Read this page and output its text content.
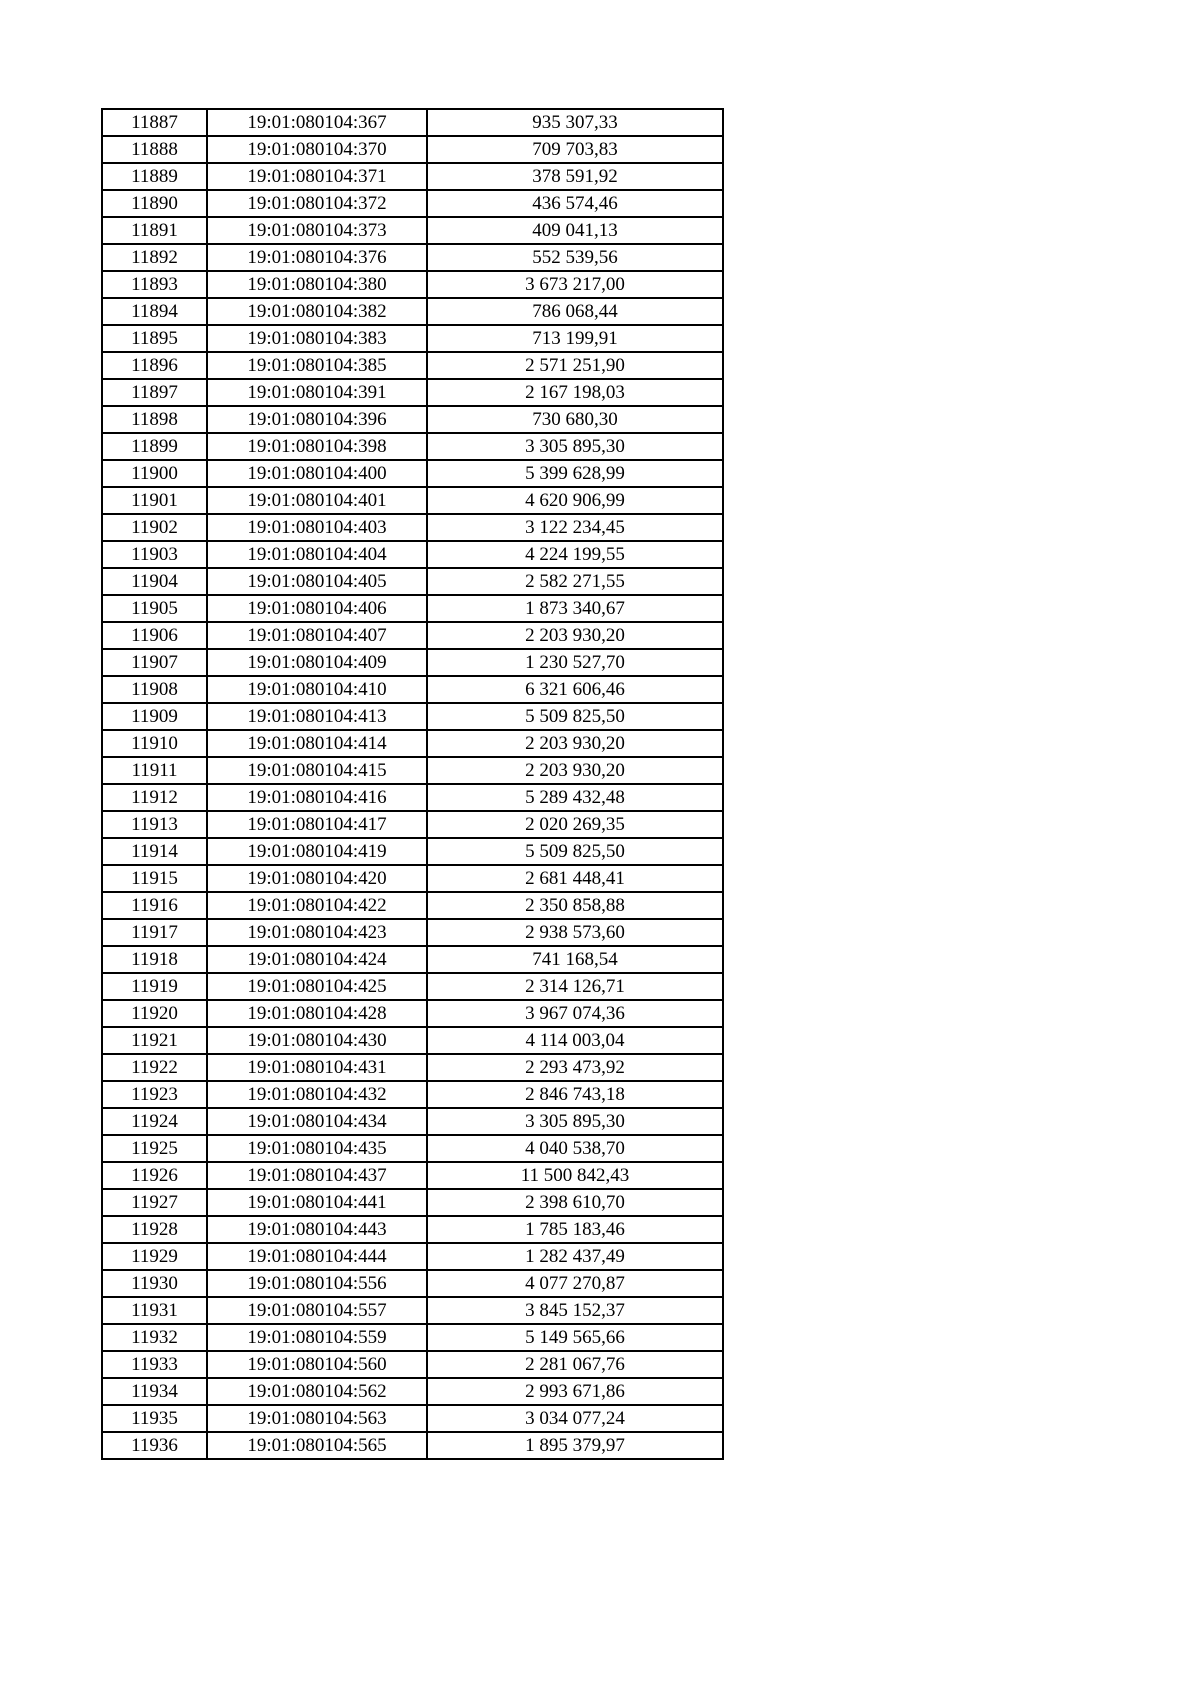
11887	19:01:080104:367	935 307,33
11888	19:01:080104:370	709 703,83
11889	19:01:080104:371	378 591,92
11890	19:01:080104:372	436 574,46
11891	19:01:080104:373	409 041,13
11892	19:01:080104:376	552 539,56
11893	19:01:080104:380	3 673 217,00
11894	19:01:080104:382	786 068,44
11895	19:01:080104:383	713 199,91
11896	19:01:080104:385	2 571 251,90
11897	19:01:080104:391	2 167 198,03
11898	19:01:080104:396	730 680,30
11899	19:01:080104:398	3 305 895,30
11900	19:01:080104:400	5 399 628,99
11901	19:01:080104:401	4 620 906,99
11902	19:01:080104:403	3 122 234,45
11903	19:01:080104:404	4 224 199,55
11904	19:01:080104:405	2 582 271,55
11905	19:01:080104:406	1 873 340,67
11906	19:01:080104:407	2 203 930,20
11907	19:01:080104:409	1 230 527,70
11908	19:01:080104:410	6 321 606,46
11909	19:01:080104:413	5 509 825,50
11910	19:01:080104:414	2 203 930,20
11911	19:01:080104:415	2 203 930,20
11912	19:01:080104:416	5 289 432,48
11913	19:01:080104:417	2 020 269,35
11914	19:01:080104:419	5 509 825,50
11915	19:01:080104:420	2 681 448,41
11916	19:01:080104:422	2 350 858,88
11917	19:01:080104:423	2 938 573,60
11918	19:01:080104:424	741 168,54
11919	19:01:080104:425	2 314 126,71
11920	19:01:080104:428	3 967 074,36
11921	19:01:080104:430	4 114 003,04
11922	19:01:080104:431	2 293 473,92
11923	19:01:080104:432	2 846 743,18
11924	19:01:080104:434	3 305 895,30
11925	19:01:080104:435	4 040 538,70
11926	19:01:080104:437	11 500 842,43
11927	19:01:080104:441	2 398 610,70
11928	19:01:080104:443	1 785 183,46
11929	19:01:080104:444	1 282 437,49
11930	19:01:080104:556	4 077 270,87
11931	19:01:080104:557	3 845 152,37
11932	19:01:080104:559	5 149 565,66
11933	19:01:080104:560	2 281 067,76
11934	19:01:080104:562	2 993 671,86
11935	19:01:080104:563	3 034 077,24
11936	19:01:080104:565	1 895 379,97
